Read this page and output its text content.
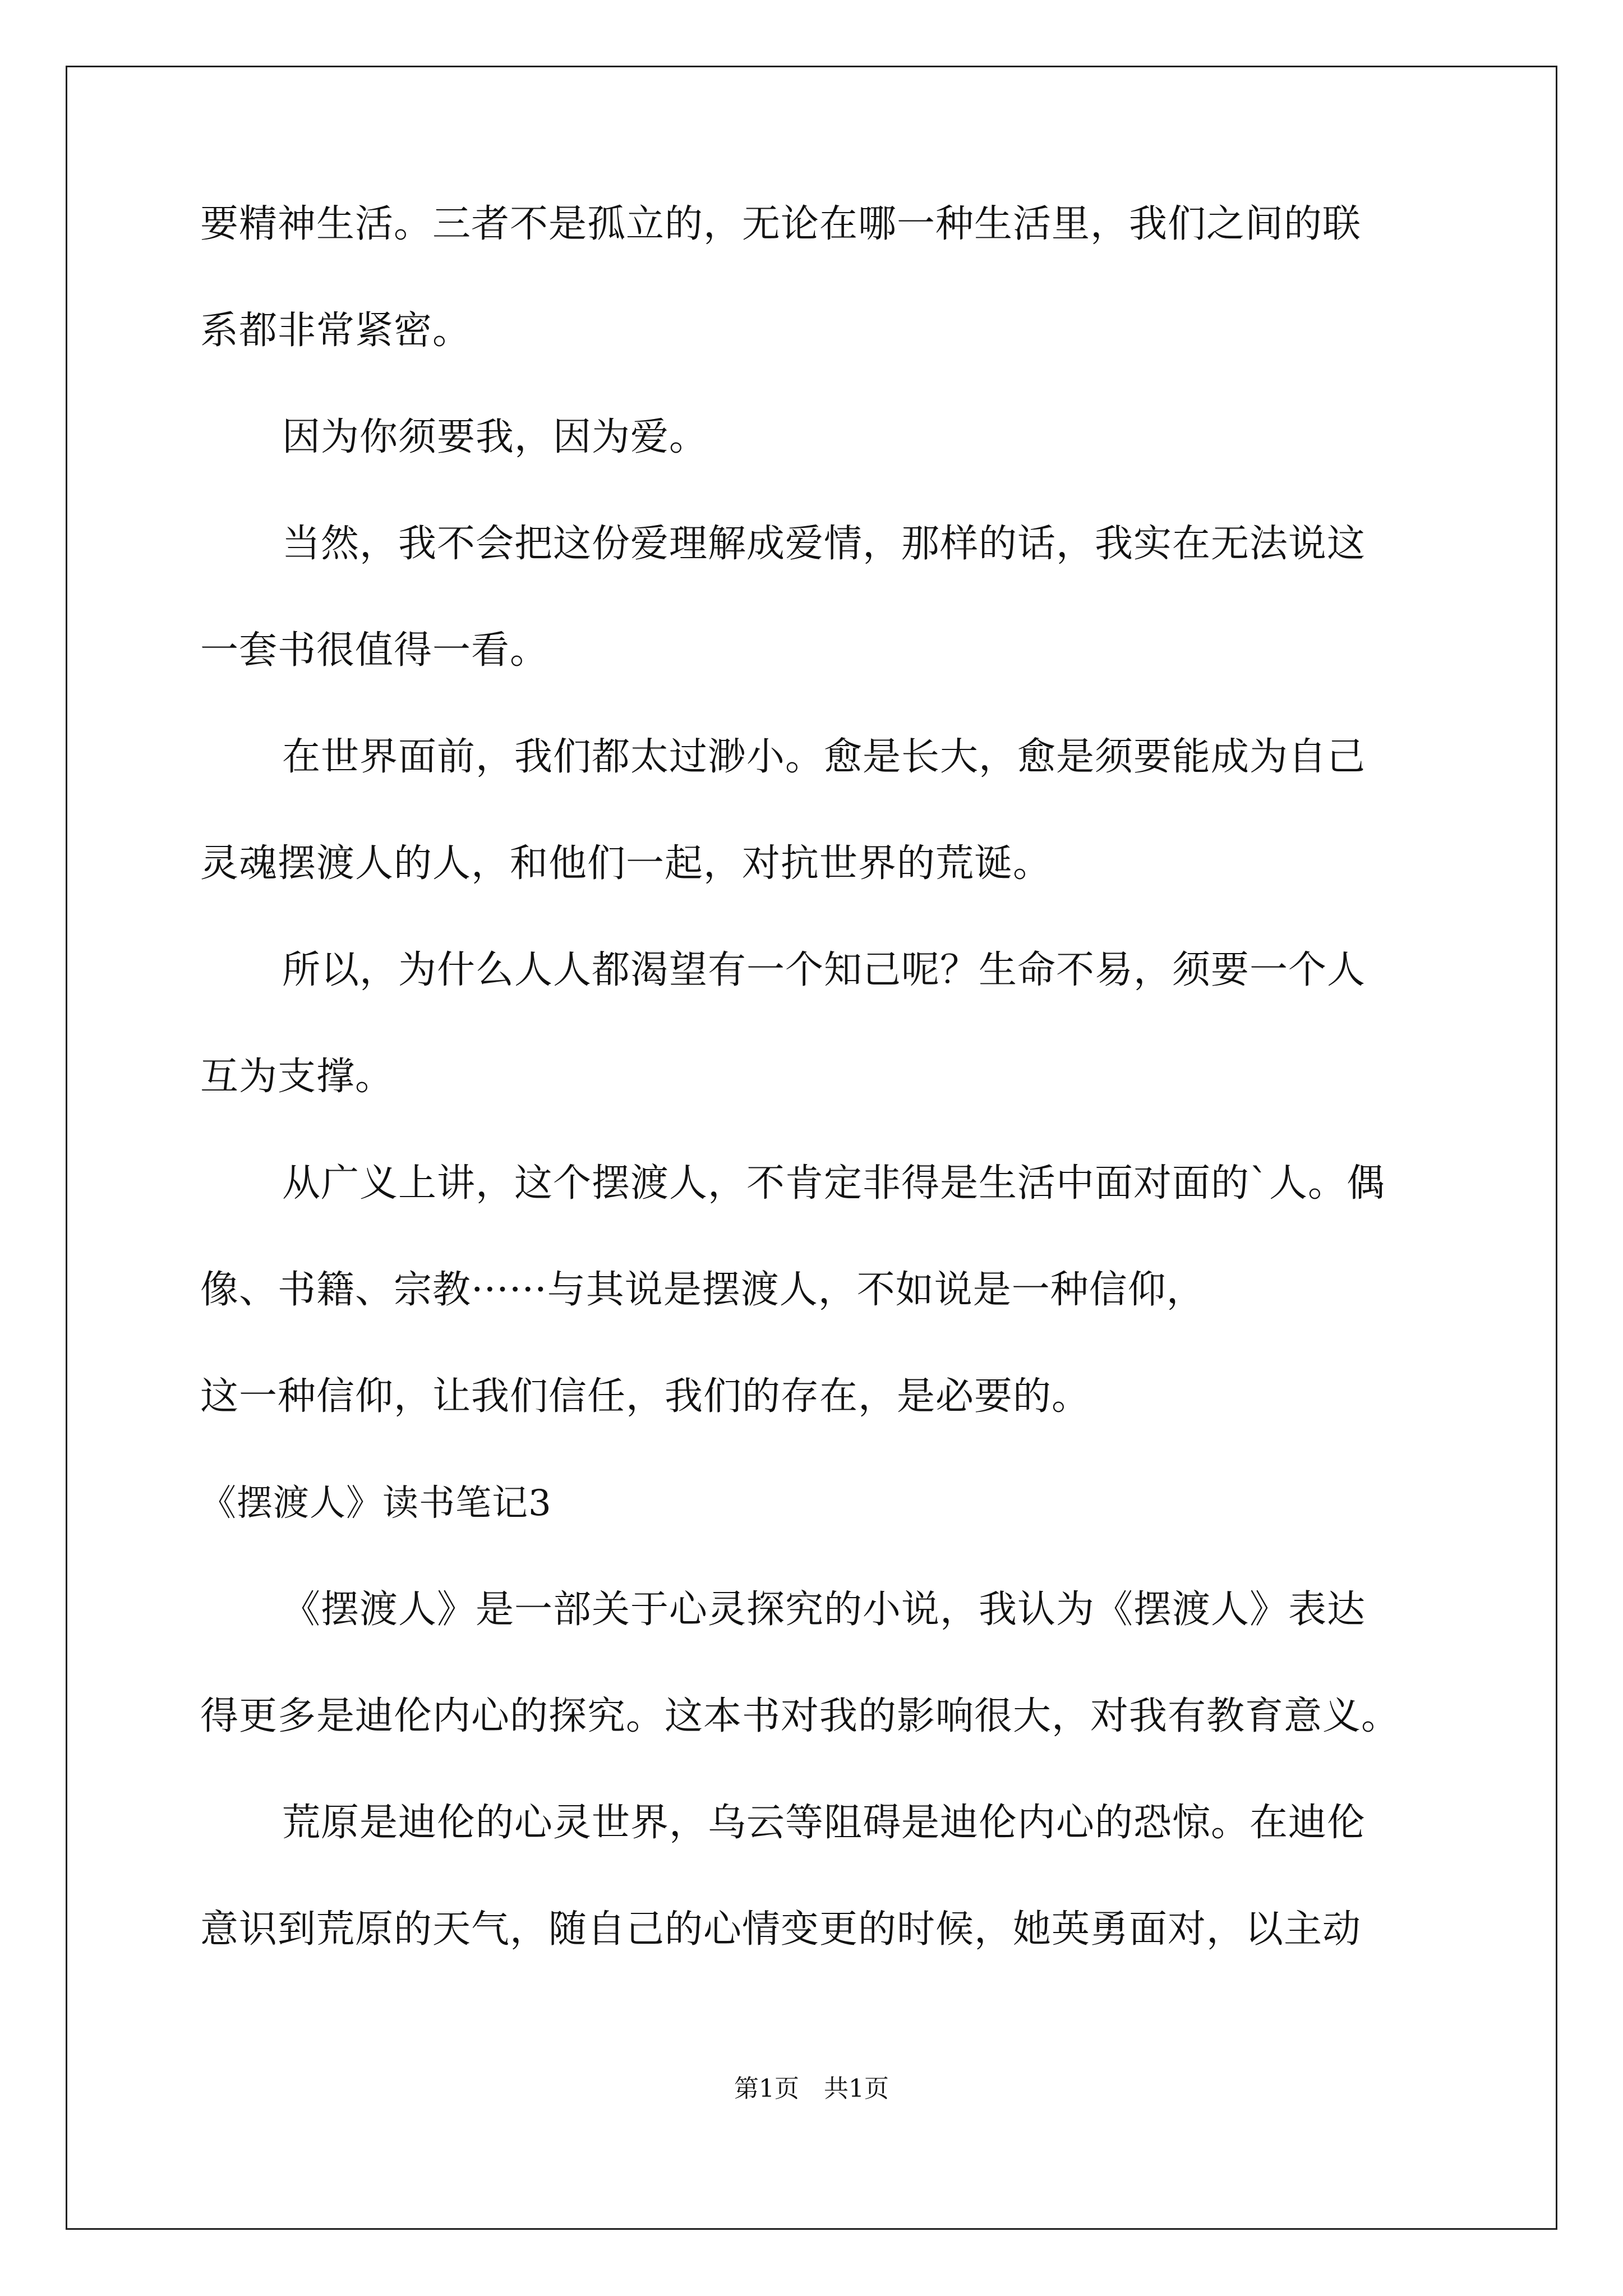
要精神生活。三者不是孤立的，无论在哪一种生活里，我们之间的联
系都非常紧密。
因为你须要我，因为爱。
当然，我不会把这份爱理解成爱情，那样的话，我实在无法说这
一套书很值得一看。
在世界面前，我们都太过渺小。愈是长大，愈是须要能成为自己
灵魂摆渡人的人，和他们一起，对抗世界的荒诞。
所以，为什么人人都渴望有一个知己呢？生命不易，须要一个人
互为支撑。
从广义上讲，这个摆渡人，不肯定非得是生活中面对面的`人。偶
像、书籍、宗教······与其说是摆渡人，不如说是一种信仰，
这一种信仰，让我们信任，我们的存在，是必要的。
《摆渡人》读书笔记3
《摆渡人》是一部关于心灵探究的小说，我认为《摆渡人》表达
得更多是迪伦内心的探究。这本书对我的影响很大，对我有教育意义。
荒原是迪伦的心灵世界，乌云等阻碍是迪伦内心的恐惊。在迪伦
意识到荒原的天气，随自己的心情变更的时候，她英勇面对，以主动
第1页　共1页
